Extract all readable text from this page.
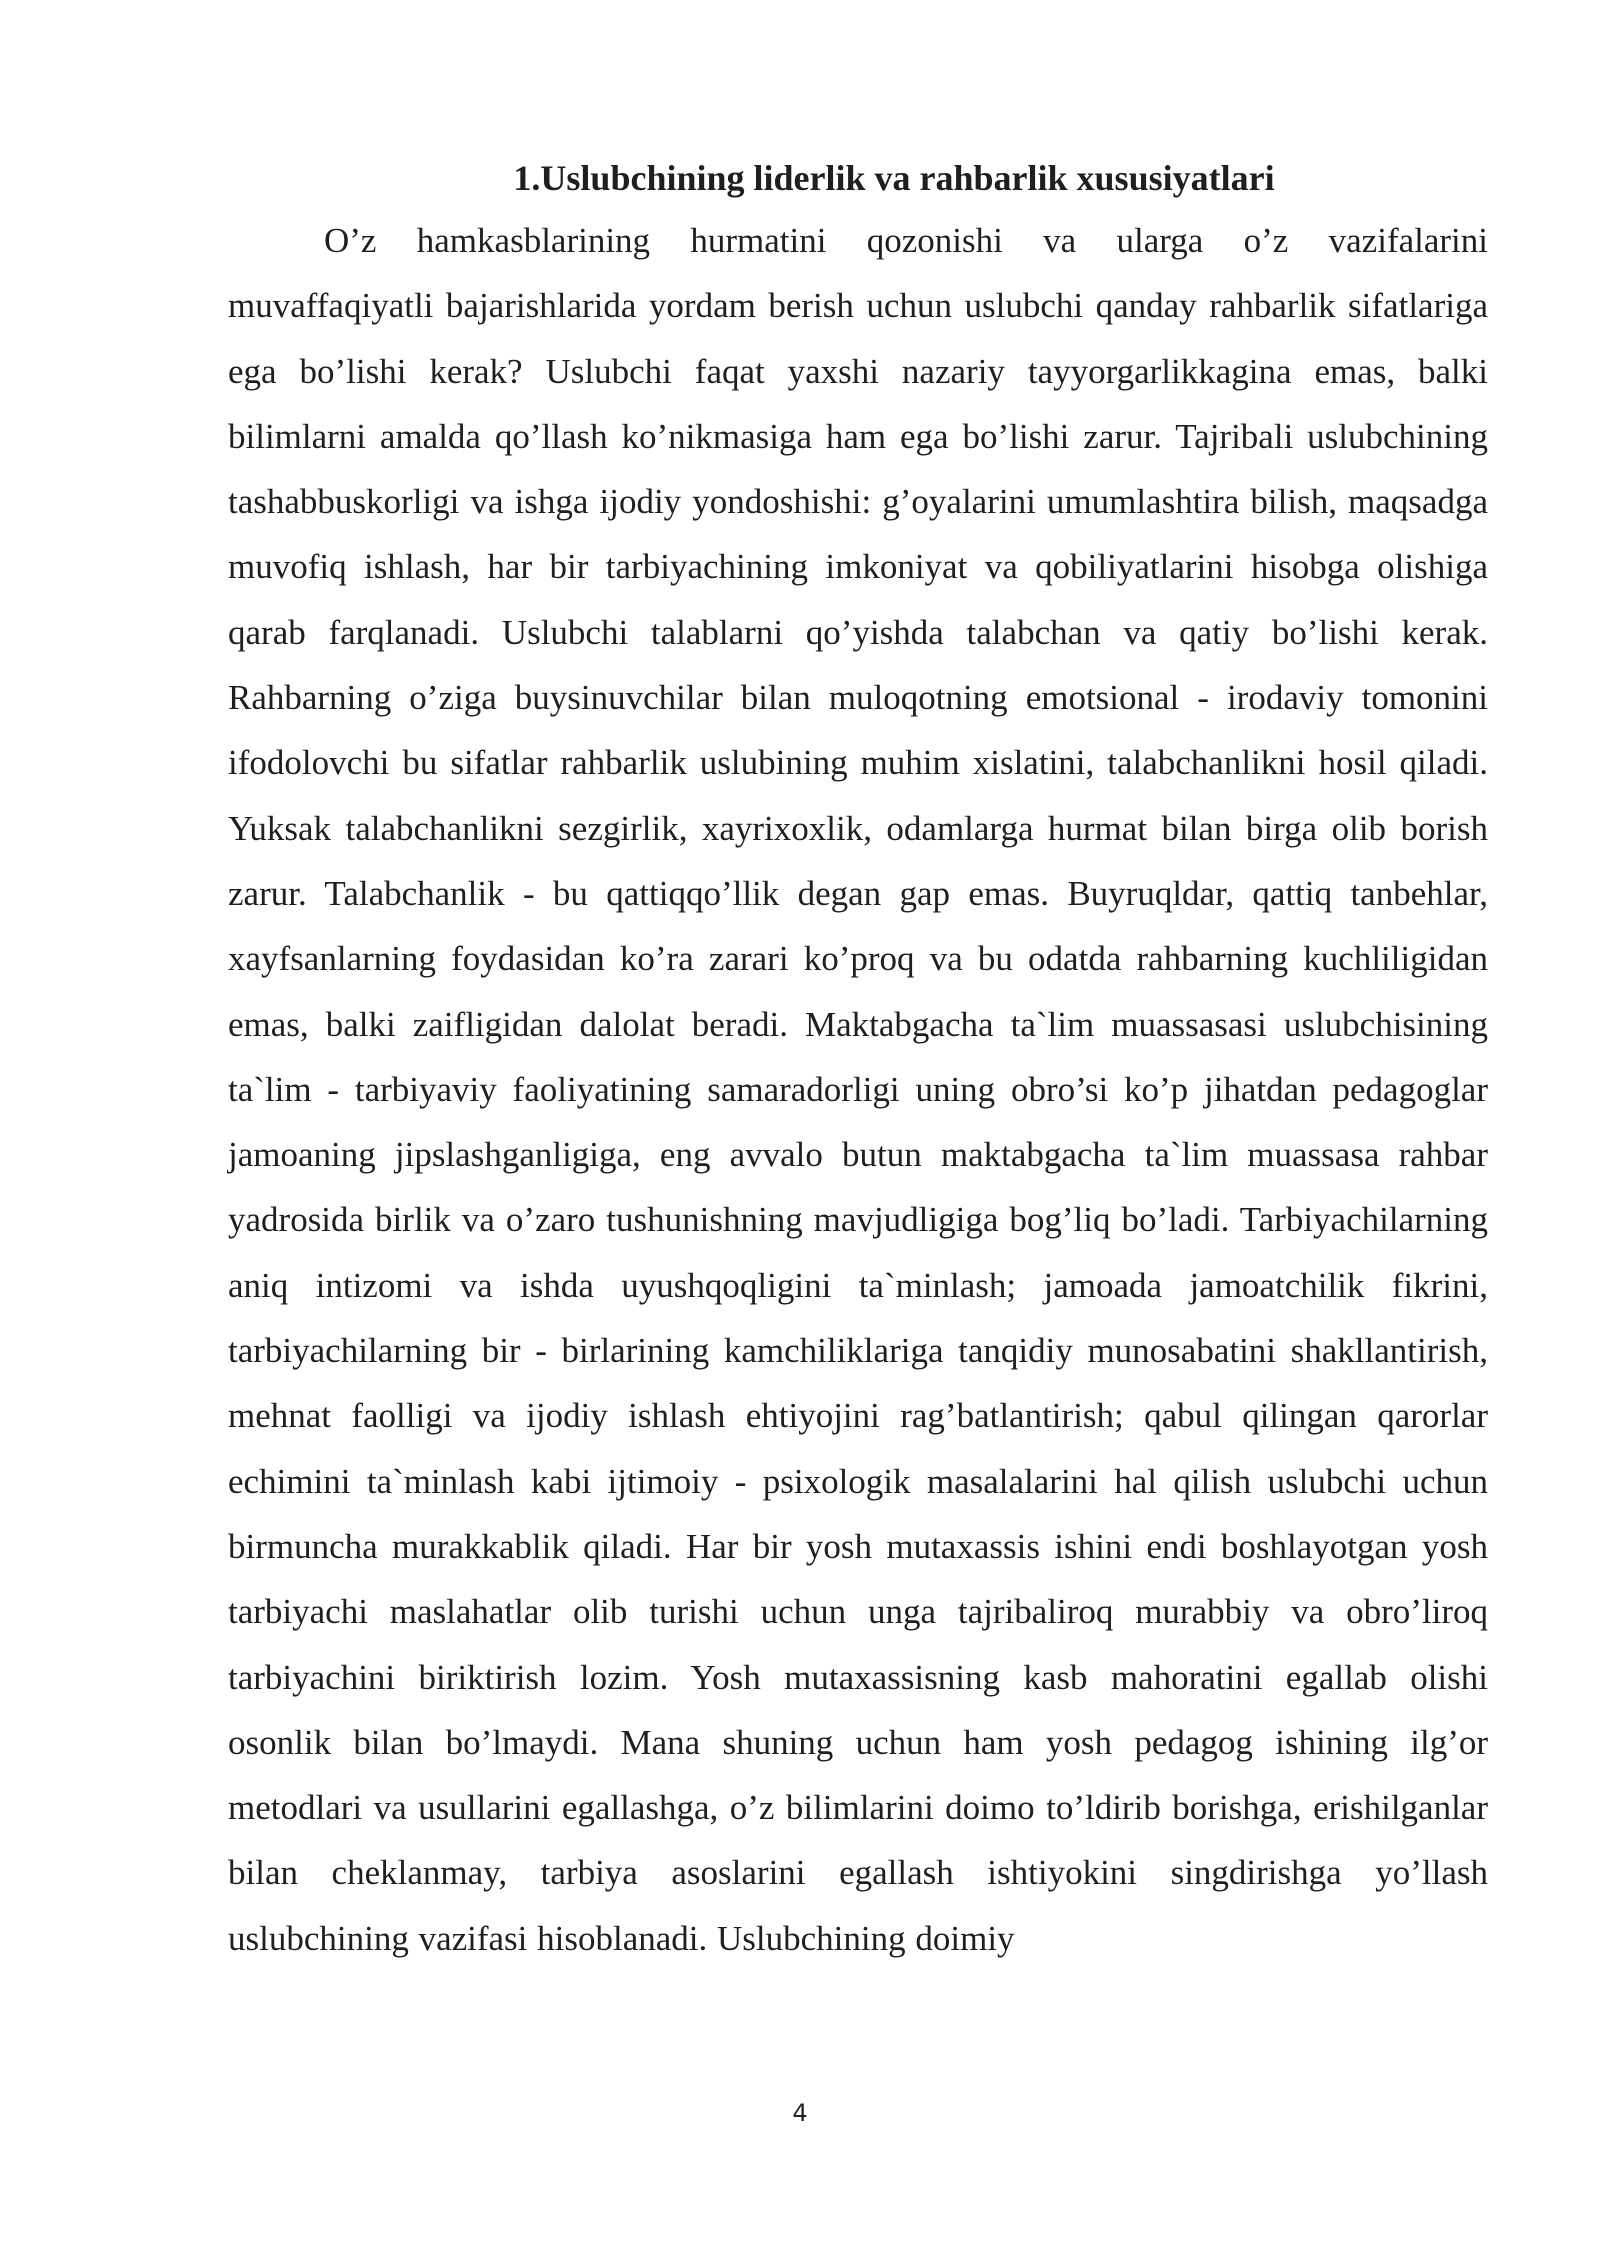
1.Uslubchining liderlik va rahbarlik xususiyatlari

O’z hamkasblarining hurmatini qozonishi va ularga o’z vazifalarini muvaffaqiyatli bajarishlarida yordam berish uchun uslubchi qanday rahbarlik sifatlariga ega bo’lishi kerak? Uslubchi faqat yaxshi nazariy tayyorgarlikkagina emas, balki bilimlarni amalda qo’llash ko’nikmasiga ham ega bo’lishi zarur. Tajribali uslubchining tashabbuskorligi va ishga ijodiy yondoshishi: g’oyalarini umumlashtira bilish, maqsadga muvofiq ishlash, har bir tarbiyachining imkoniyat va qobiliyatlarini hisobga olishiga qarab farqlanadi. Uslubchi talablarni qo’yishda talabchan va qatiy bo’lishi kerak. Rahbarning o’ziga buysinuvchilar bilan muloqotning emotsional - irodaviy tomonini ifodolovchi bu sifatlar rahbarlik uslubining muhim xislatini, talabchanlikni hosil qiladi. Yuksak talabchanlikni sezgirlik, xayrixoxlik, odamlarga hurmat bilan birga olib borish zarur. Talabchanlik - bu qattiqqo’llik degan gap emas. Buyruqldar, qattiq tanbehlar, xayfsanlarning foydasidan ko’ra zarari ko’proq va bu odatda rahbarning kuchliligidan emas, balki zaifligidan dalolat beradi. Maktabgacha ta`lim muassasasi uslubchisining ta`lim - tarbiyaviy faoliyatining samaradorligi uning obro’si ko’p jihatdan pedagoglar jamoaning jipslashganligiga, eng avvalo butun maktabgacha ta`lim muassasa rahbar yadrosida birlik va o’zaro tushunishning mavjudligiga bog’liq bo’ladi. Tarbiyachilarning aniq intizomi va ishda uyushqoqligini ta`minlash; jamoada jamoatchilik fikrini, tarbiyachilarning bir - birlarining kamchiliklariga tanqidiy munosabatini shakllantirish, mehnat faolligi va ijodiy ishlash ehtiyojini rag’batlantirish; qabul qilingan qarorlar echimini ta`minlash kabi ijtimoiy - psixologik masalalarini hal qilish uslubchi uchun birmuncha murakkablik qiladi. Har bir yosh mutaxassis ishini endi boshlayotgan yosh tarbiyachi maslahatlar olib turishi uchun unga tajribaliroq murabbiy va obro’liroq tarbiyachini biriktirish lozim. Yosh mutaxassisning kasb mahoratini egallab olishi osonlik bilan bo’lmaydi. Mana shuning uchun ham yosh pedagog ishining ilg’or metodlari va usullarini egallashga, o’z bilimlarini doimo to’ldirib borishga, erishilganlar bilan cheklanmay, tarbiya asoslarini egallash ishtiyokini singdirishga yo’llash uslubchining vazifasi hisoblanadi. Uslubchining doimiy

4
